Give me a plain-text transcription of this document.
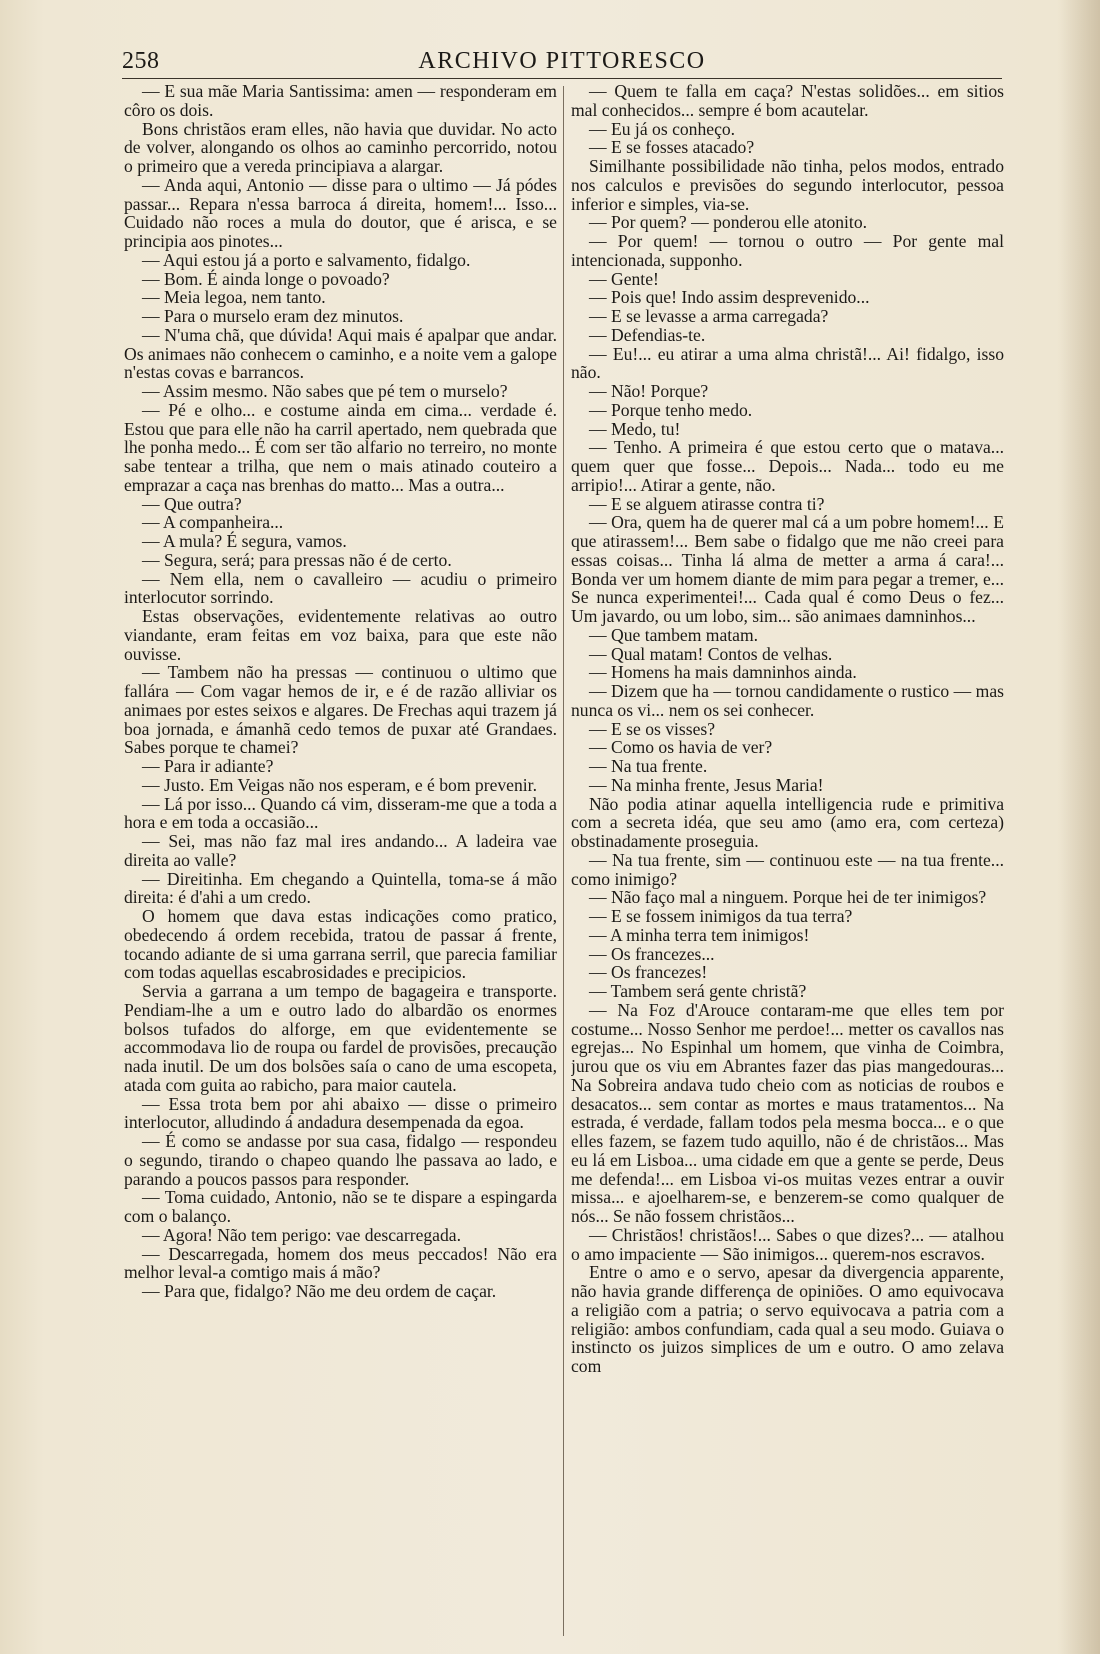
258	ARCHIVO PITTORESCO

— E sua mãe Maria Santissima: amen — responderam em côro os dois.

Bons christãos eram elles, não havia que duvidar. No acto de volver, alongando os olhos ao caminho percorrido, notou o primeiro que a vereda principiava a alargar.

— Anda aqui, Antonio — disse para o ultimo — Já pódes passar... Repara n'essa barroca á direita, homem!... Isso... Cuidado não roces a mula do doutor, que é arisca, e se principia aos pinotes...

— Aqui estou já a porto e salvamento, fidalgo.

— Bom. É ainda longe o povoado?

— Meia legoa, nem tanto.

— Para o murselo eram dez minutos.

— N'uma chã, que dúvida! Aqui mais é apalpar que andar. Os animaes não conhecem o caminho, e a noite vem a galope n'estas covas e barrancos.

— Assim mesmo. Não sabes que pé tem o murselo?

— Pé e olho... e costume ainda em cima... verdade é. Estou que para elle não ha carril apertado, nem quebrada que lhe ponha medo... É com ser tão alfario no terreiro, no monte sabe tentear a trilha, que nem o mais atinado couteiro a emprazar a caça nas brenhas do matto... Mas a outra...

— Que outra?

— A companheira...

— A mula? É segura, vamos.

— Segura, será; para pressas não é de certo.

— Nem ella, nem o cavalleiro — acudiu o primeiro interlocutor sorrindo.

Estas observações, evidentemente relativas ao outro viandante, eram feitas em voz baixa, para que este não ouvisse.

— Tambem não ha pressas — continuou o ultimo que fallára — Com vagar hemos de ir, e é de razão alliviar os animaes por estes seixos e algares. De Frechas aqui trazem já boa jornada, e ámanhã cedo temos de puxar até Grandaes. Sabes porque te chamei?

— Para ir adiante?

— Justo. Em Veigas não nos esperam, e é bom prevenir.

— Lá por isso... Quando cá vim, disseram-me que a toda a hora e em toda a occasião...

— Sei, mas não faz mal ires andando... A ladeira vae direita ao valle?

— Direitinha. Em chegando a Quintella, toma-se á mão direita: é d'ahi a um credo.

O homem que dava estas indicações como pratico, obedecendo á ordem recebida, tratou de passar á frente, tocando adiante de si uma garrana serril, que parecia familiar com todas aquellas escabrosidades e precipicios.

Servia a garrana a um tempo de bagageira e transporte. Pendiam-lhe a um e outro lado do albardão os enormes bolsos tufados do alforge, em que evidentemente se accommodava lio de roupa ou fardel de provisões, precaução nada inutil. De um dos bolsões saía o cano de uma escopeta, atada com guita ao rabicho, para maior cautela.

— Essa trota bem por ahi abaixo — disse o primeiro interlocutor, alludindo á andadura desempenada da egoa.

— É como se andasse por sua casa, fidalgo — respondeu o segundo, tirando o chapeo quando lhe passava ao lado, e parando a poucos passos para responder.

— Toma cuidado, Antonio, não se te dispare a espingarda com o balanço.

— Agora! Não tem perigo: vae descarregada.

— Descarregada, homem dos meus peccados! Não era melhor leval-a comtigo mais á mão?

— Para que, fidalgo? Não me deu ordem de caçar.

— Quem te falla em caça? N'estas solidões... em sitios mal conhecidos... sempre é bom acautelar.

— Eu já os conheço.

— E se fosses atacado?

Similhante possibilidade não tinha, pelos modos, entrado nos calculos e previsões do segundo interlocutor, pessoa inferior e simples, via-se.

— Por quem? — ponderou elle atonito.

— Por quem! — tornou o outro — Por gente mal intencionada, supponho.

— Gente!

— Pois que! Indo assim desprevenido...

— E se levasse a arma carregada?

— Defendias-te.

— Eu!... eu atirar a uma alma christã!... Ai! fidalgo, isso não.

— Não! Porque?

— Porque tenho medo.

— Medo, tu!

— Tenho. A primeira é que estou certo que o matava... quem quer que fosse... Depois... Nada... todo eu me arripio!... Atirar a gente, não.

— E se alguem atirasse contra ti?

— Ora, quem ha de querer mal cá a um pobre homem!... E que atirassem!... Bem sabe o fidalgo que me não creei para essas coisas... Tinha lá alma de metter a arma á cara!... Bonda ver um homem diante de mim para pegar a tremer, e... Se nunca experimentei!... Cada qual é como Deus o fez... Um javardo, ou um lobo, sim... são animaes damninhos...

— Que tambem matam.

— Qual matam! Contos de velhas.

— Homens ha mais damninhos ainda.

— Dizem que ha — tornou candidamente o rustico — mas nunca os vi... nem os sei conhecer.

— E se os visses?

— Como os havia de ver?

— Na tua frente.

— Na minha frente, Jesus Maria!

Não podia atinar aquella intelligencia rude e primitiva com a secreta idéa, que seu amo (amo era, com certeza) obstinadamente proseguia.

— Na tua frente, sim — continuou este — na tua frente... como inimigo?

— Não faço mal a ninguem. Porque hei de ter inimigos?

— E se fossem inimigos da tua terra?

— A minha terra tem inimigos!

— Os francezes...

— Os francezes!

— Tambem será gente christã?

— Na Foz d'Arouce contaram-me que elles tem por costume... Nosso Senhor me perdoe!... metter os cavallos nas egrejas... No Espinhal um homem, que vinha de Coimbra, jurou que os viu em Abrantes fazer das pias mangedouras... Na Sobreira andava tudo cheio com as noticias de roubos e desacatos... sem contar as mortes e maus tratamentos... Na estrada, é verdade, fallam todos pela mesma bocca... e o que elles fazem, se fazem tudo aquillo, não é de christãos... Mas eu lá em Lisboa... uma cidade em que a gente se perde, Deus me defenda!... em Lisboa vi-os muitas vezes entrar a ouvir missa... e ajoelharem-se, e benzerem-se como qualquer de nós... Se não fossem christãos...

— Christãos! christãos!... Sabes o que dizes?... — atalhou o amo impaciente — São inimigos... querem-nos escravos.

Entre o amo e o servo, apesar da divergencia apparente, não havia grande differença de opiniões. O amo equivocava a religião com a patria; o servo equivocava a patria com a religião: ambos confundiam, cada qual a seu modo. Guiava o instincto os juizos simplices de um e outro. O amo zelava com
